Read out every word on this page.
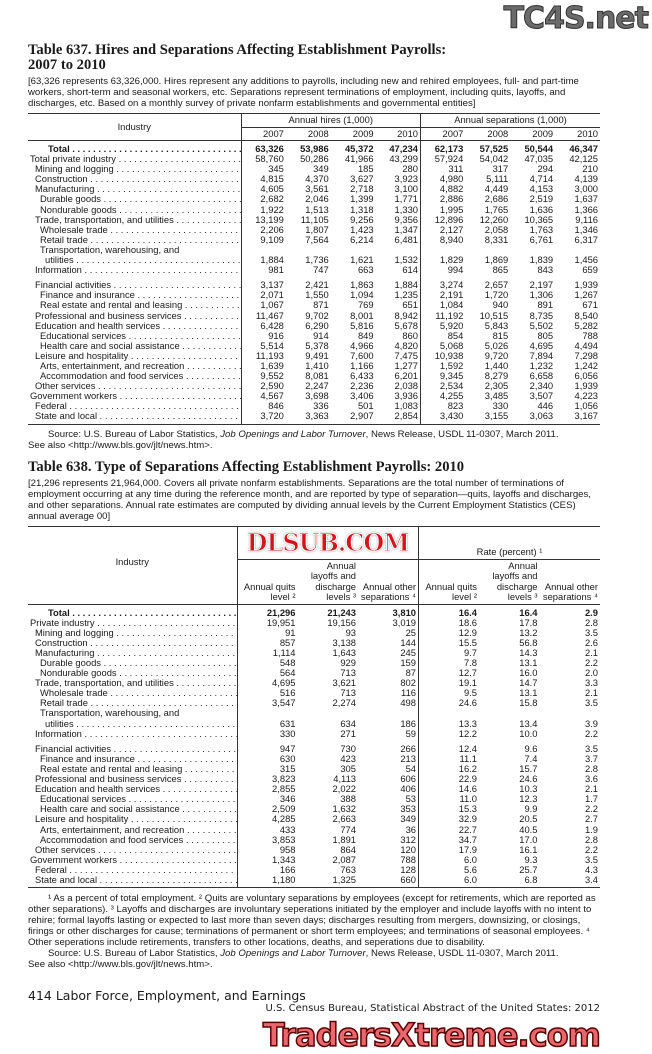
TC4S.net
Table 637. Hires and Separations Affecting Establishment Payrolls:
2007 to 2010

[63,326 represents 63,326,000. Hires represent any additions to payrolls, including new and rehired employees, full- and part-time workers, short-term and seasonal workers, etc. Separations represent terminations of employment, including quits, layoffs, and discharges, etc. Based on a monthly survey of private nonfarm establishments and governmental entities]

Industry	Annual hires (1,000)				Annual separations (1,000)			
	2007	2008	2009	2010	2007	2008	2009	2010
Total . . .	63,326	53,986	45,372	47,234	62,173	57,525	50,544	46,347
Total private industry . . .	58,760	50,286	41,966	43,299	57,924	54,042	47,035	42,125
Mining and logging . . .	345	349	185	280	311	317	294	210
Construction . . .	4,815	4,370	3,627	3,923	4,980	5,111	4,714	4,139
Manufacturing . . .	4,605	3,561	2,718	3,100	4,882	4,449	4,153	3,000
Durable goods . . .	2,682	2,046	1,399	1,771	2,886	2,686	2,519	1,637
Nondurable goods . . .	1,922	1,513	1,318	1,330	1,995	1,765	1,636	1,366
Trade, transportation, and utilities . . .	13,199	11,105	9,256	9,356	12,896	12,260	10,365	9,116
Wholesale trade . . .	2,206	1,807	1,423	1,347	2,127	2,058	1,763	1,346
Retail trade . . .	9,109	7,564	6,214	6,481	8,940	8,331	6,761	6,317
Transportation, warehousing, and								
utilities . . .	1,884	1,736	1,621	1,532	1,829	1,869	1,839	1,456
Information . . .	981	747	663	614	994	865	843	659
Financial activities . . .	3,137	2,421	1,863	1,884	3,274	2,657	2,197	1,939
Finance and insurance . . .	2,071	1,550	1,094	1,235	2,191	1,720	1,306	1,267
Real estate and rental and leasing . . .	1,067	871	769	651	1,084	940	891	671
Professional and business services . . .	11,467	9,702	8,001	8,942	11,192	10,515	8,735	8,540
Education and health services . . .	6,428	6,290	5,816	5,678	5,920	5,843	5,502	5,282
Educational services . . .	916	914	849	860	854	815	805	788
Health care and social assistance . . .	5,514	5,378	4,966	4,820	5,068	5,026	4,695	4,494
Leisure and hospitality . . .	11,193	9,491	7,600	7,475	10,938	9,720	7,894	7,298
Arts, entertainment, and recreation . . .	1,639	1,410	1,166	1,277	1,592	1,440	1,232	1,242
Accommodation and food services . . .	9,552	8,081	6,433	6,201	9,345	8,279	6,658	6,056
Other services . . .	2,590	2,247	2,236	2,038	2,534	2,305	2,340	1,939
Government workers . . .	4,567	3,698	3,406	3,936	4,255	3,485	3,507	4,223
Federal . . .	846	336	501	1,083	823	330	446	1,056
State and local . . .	3,720	3,363	2,907	2,854	3,430	3,155	3,063	3,167

Source: U.S. Bureau of Labor Statistics, Job Openings and Labor Turnover, News Release, USDL 11-0307, March 2011.
See also <http://www.bls.gov/jlt/news.htm>.

Table 638. Type of Separations Affecting Establishment Payrolls: 2010

[21,296 represents 21,964,000. Covers all private nonfarm establishments. Separations are the total number of terminations of employment occurring at any time during the reference month, and are reported by type of separation—quits, layoffs and discharges, and other separations. Annual rate estimates are computed by dividing annual levels by the Current Employment Statistics (CES) annual average 00]

Industry	DLSUB.COM			Rate (percent) ¹		
	Annual quits level ²	Annual layoffs and discharge levels ³	Annual other separations ⁴	Annual quits level ²	Annual layoffs and discharge levels ³	Annual other separations ⁴
Total . . .	21,296	21,243	3,810	16.4	16.4	2.9
Private industry . . .	19,951	19,156	3,019	18.6	17.8	2.8
Mining and logging . . .	91	93	25	12.9	13.2	3.5
Construction . . .	857	3,138	144	15.5	56.8	2.6
Manufacturing . . .	1,114	1,643	245	9.7	14.3	2.1
Durable goods . . .	548	929	159	7.8	13.1	2.2
Nondurable goods . . .	564	713	87	12.7	16.0	2.0
Trade, transportation, and utilities . . .	4,695	3,621	802	19.1	14.7	3.3
Wholesale trade . . .	516	713	116	9.5	13.1	2.1
Retail trade . . .	3,547	2,274	498	24.6	15.8	3.5
Transportation, warehousing, and						
utilities . . .	631	634	186	13.3	13.4	3.9
Information . . .	330	271	59	12.2	10.0	2.2
Financial activities . . .	947	730	266	12.4	9.6	3.5
Finance and insurance . . .	630	423	213	11.1	7.4	3.7
Real estate and rental and leasing . . .	315	305	54	16.2	15.7	2.8
Professional and business services . . .	3,823	4,113	606	22.9	24.6	3.6
Education and health services . . .	2,855	2,022	406	14.6	10.3	2.1
Educational services . . .	346	388	53	11.0	12.3	1.7
Health care and social assistance . . .	2,509	1,632	353	15.3	9.9	2.2
Leisure and hospitality . . .	4,285	2,663	349	32.9	20.5	2.7
Arts, entertainment, and recreation . . .	433	774	36	22.7	40.5	1.9
Accommodation and food services . . .	3,853	1,891	312	34.7	17.0	2.8
Other services . . .	958	864	120	17.9	16.1	2.2
Government workers . . .	1,343	2,087	788	6.0	9.3	3.5
Federal . . .	166	763	128	5.6	25.7	4.3
State and local . . .	1,180	1,325	660	6.0	6.8	3.4

¹ As a percent of total employment. ² Quits are voluntary separations by employees (except for retirements, which are reported as other separations). ³ Layoffs and discharges are involuntary seperations initiated by the employer and include layoffs with no intent to rehire; formal layoffs lasting or expected to last more than seven days; discharges resulting from mergers, downsizing, or closings, firings or other discharges for cause; terminations of permanent or short term employees; and terminations of seasonal employees. ⁴ Other seperations include retirements, transfers to other locations, deaths, and seperations due to disability.

Source: U.S. Bureau of Labor Statistics, Job Openings and Labor Turnover, News Release, USDL 11-0307, March 2011.
See also <http://www.bls.gov/jlt/news.htm>.

414 Labor Force, Employment, and Earnings
U.S. Census Bureau, Statistical Abstract of the United States: 2012
TradersXtreme.com
